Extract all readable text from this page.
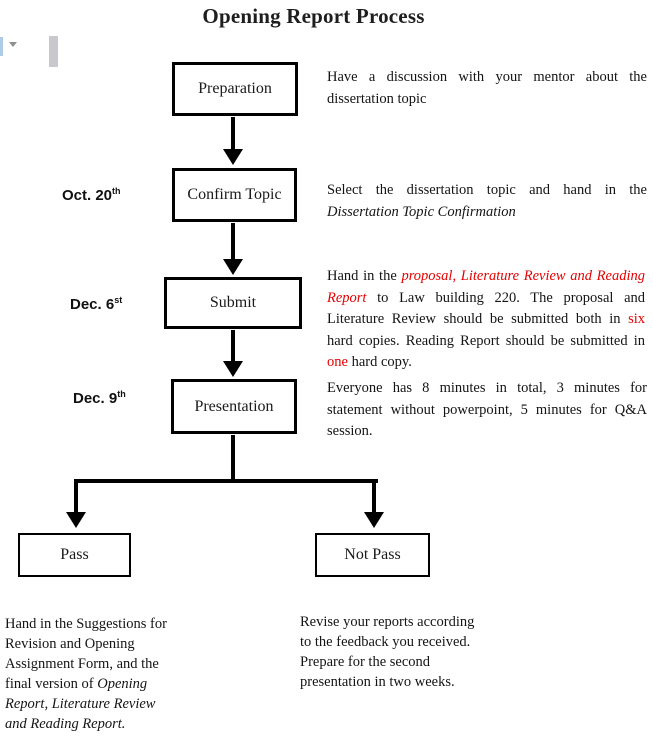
Opening Report Process
Preparation
Confirm Topic
Submit
Presentation
Pass	Not Pass
Oct. 20th
Dec. 6st
Dec. 9th
Have a discussion with your mentor about the dissertation topic
Select the dissertation topic and hand in the Dissertation Topic Confirmation
Hand in the proposal, Literature Review and Reading Report to Law building 220. The proposal and Literature Review should be submitted both in six hard copies. Reading Report should be submitted in one hard copy.
Everyone has 8 minutes in total, 3 minutes for statement without powerpoint, 5 minutes for Q&A session.
Hand in the Suggestions for Revision and Opening Assignment Form, and the final version of Opening Report, Literature Review and Reading Report.
Revise your reports according to the feedback you received. Prepare for the second presentation in two weeks.
